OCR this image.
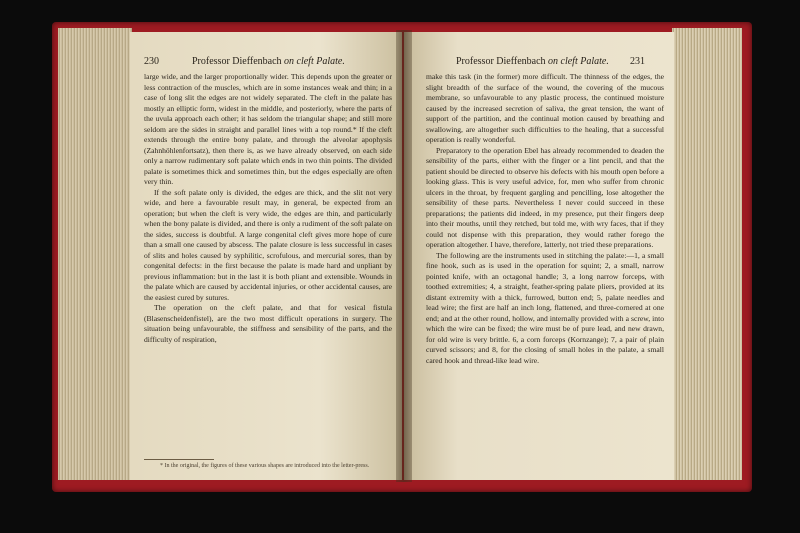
230	Professor Dieffenbach on cleft Palate.

large wide, and the larger proportionally wider. This depends upon the greater or less contraction of the muscles, which are in some instances weak and thin; in a case of long slit the edges are not widely separated. The cleft in the palate has mostly an elliptic form, widest in the middle, and posteriorly, where the parts of the uvula approach each other; it has seldom the triangular shape; and still more seldom are the sides in straight and parallel lines with a top round.* If the cleft extends through the entire bony palate, and through the alveolar apophysis (Zahnhöhlenfortsatz), then there is, as we have already observed, on each side only a narrow rudimentary soft palate which ends in two thin points. The divided palate is sometimes thick and sometimes thin, but the edges especially are often very thin.

If the soft palate only is divided, the edges are thick, and the slit not very wide, and here a favourable result may, in general, be expected from an operation; but when the cleft is very wide, the edges are thin, and particularly when the bony palate is divided, and there is only a rudiment of the soft palate on the sides, success is doubtful. A large congenital cleft gives more hope of cure than a small one caused by abscess. The palate closure is less successful in cases of slits and holes caused by syphilitic, scrofulous, and mercurial sores, than by congenital defects: in the first because the palate is made hard and unpliant by previous inflammation: but in the last it is both pliant and extensible. Wounds in the palate which are caused by accidental injuries, or other accidental causes, are the easiest cured by sutures.

The operation on the cleft palate, and that for vesical fistula (Blasenscheidenfistel), are the two most difficult operations in surgery. The situation being unfavourable, the stiffness and sensibility of the parts, and the difficulty of respiration,

* In the original, the figures of these various shapes are introduced into the letter-press.
Professor Dieffenbach on cleft Palate. 231

make this task (in the former) more difficult. The thinness of the edges, the slight breadth of the surface of the wound, the covering of the mucous membrane, so unfavourable to any plastic process, the continued moisture caused by the increased secretion of saliva, the great tension, the want of support of the partition, and the continual motion caused by breathing and swallowing, are altogether such difficulties to the healing, that a successful operation is really wonderful.

Preparatory to the operation Ebel has already recommended to deaden the sensibility of the parts, either with the finger or a lint pencil, and that the patient should be directed to observe his defects with his mouth open before a looking glass. This is very useful advice, for, men who suffer from chronic ulcers in the throat, by frequent gargling and pencilling, lose altogether the sensibility of these parts. Nevertheless I never could succeed in these preparations; the patients did indeed, in my presence, put their fingers deep into their mouths, until they retched, but told me, with wry faces, that if they could not dispense with this preparation, they would rather forego the operation altogether. I have, therefore, latterly, not tried these preparations.

The following are the instruments used in stitching the palate:—1, a small fine hook, such as is used in the operation for squint; 2, a small, narrow pointed knife, with an octagonal handle; 3, a long narrow forceps, with toothed extremities; 4, a straight, feather-spring palate pliers, provided at its distant extremity with a thick, furrowed, button end; 5, palate needles and lead wire; the first are half an inch long, flattened, and three-cornered at one end; and at the other round, hollow, and internally provided with a screw, into which the wire can be fixed; the wire must be of pure lead, and new drawn, for old wire is very brittle. 6, a corn forceps (Kornzange); 7, a pair of plain curved scissors; and 8, for the closing of small holes in the palate, a small cared hook and thread-like lead wire.
